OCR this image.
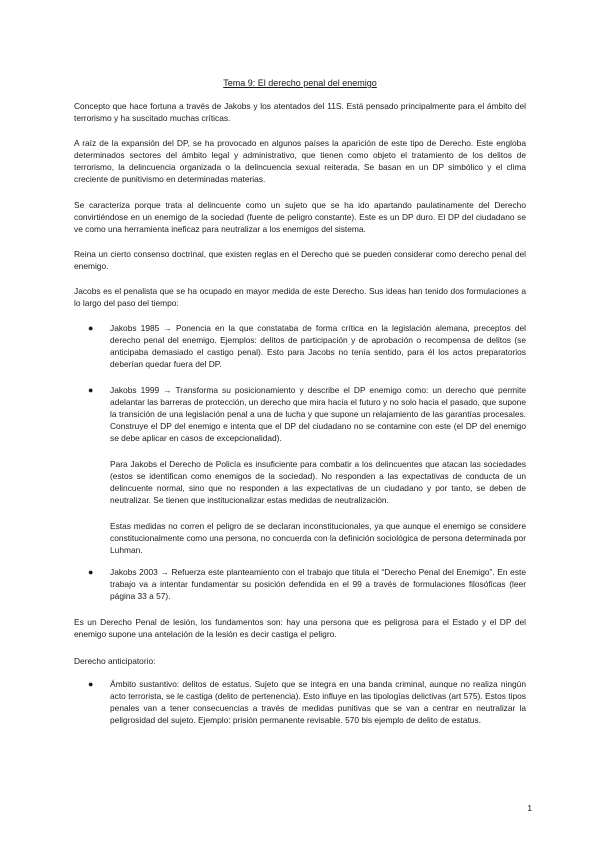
Tema 9: El derecho penal del enemigo

Concepto que hace fortuna a través de Jakobs y los atentados del 11S. Está pensado principalmente para el ámbito del terrorismo y ha suscitado muchas críticas.

A raíz de la expansión del DP, se ha provocado en algunos países la aparición de este tipo de Derecho. Este engloba determinados sectores del ámbito legal y administrativo, que tienen como objeto el tratamiento de los delitos de terrorismo, la delincuencia organizada o la delincuencia sexual reiterada. Se basan en un DP simbólico y el clima creciente de punitivismo en determinadas materias.

Se caracteriza porque trata al delincuente como un sujeto que se ha ido apartando paulatinamente del Derecho convirtiéndose en un enemigo de la sociedad (fuente de peligro constante). Este es un DP duro. El DP del ciudadano se ve como una herramienta ineficaz para neutralizar a los enemigos del sistema.

Reina un cierto consenso doctrinal, que existen reglas en el Derecho que se pueden considerar como derecho penal del enemigo.

Jacobs es el penalista que se ha ocupado en mayor medida de este Derecho. Sus ideas han tenido dos formulaciones a lo largo del paso del tiempo:

● Jakobs 1985 → Ponencia en la que constataba de forma crítica en la legislación alemana, preceptos del derecho penal del enemigo. Ejemplos: delitos de participación y de aprobación o recompensa de delitos (se anticipaba demasiado el castigo penal). Esto para Jacobs no tenía sentido, para él los actos preparatorios deberían quedar fuera del DP.

● Jakobs 1999 → Transforma su posicionamiento y describe el DP enemigo como: un derecho que permite adelantar las barreras de protección, un derecho que mira hacia el futuro y no solo hacia el pasado, que supone la transición de una legislación penal a una de lucha y que supone un relajamiento de las garantías procesales. Construye el DP del enemigo e intenta que el DP del ciudadano no se contamine con este (el DP del enemigo se debe aplicar en casos de excepcionalidad).

Para Jakobs el Derecho de Policía es insuficiente para combatir a los delincuentes que atacan las sociedades (estos se identifican como enemigos de la sociedad). No responden a las expectativas de conducta de un delincuente normal, sino que no responden a las expectativas de un ciudadano y por tanto, se deben de neutralizar. Se tienen que institucionalizar estas medidas de neutralización.

Estas medidas no corren el peligro de se declaran inconstitucionales, ya que aunque el enemigo se considere constitucionalmente como una persona, no concuerda con la definición sociológica de persona determinada por Luhman.

● Jakobs 2003 → Refuerza este planteamiento con el trabajo que titula el “Derecho Penal del Enemigo”. En este trabajo va a intentar fundamentar su posición defendida en el 99 a través de formulaciones filosóficas (leer página 33 a 57).

Es un Derecho Penal de lesión, los fundamentos son: hay una persona que es peligrosa para el Estado y el DP del enemigo supone una antelación de la lesión es decir castiga el peligro.

Derecho anticipatorio:

● Ámbito sustantivo: delitos de estatus. Sujeto que se integra en una banda criminal, aunque no realiza ningún acto terrorista, se le castiga (delito de pertenencia). Esto influye en las tipologías delictivas (art 575). Estos tipos penales van a tener consecuencias a través de medidas punitivas que se van a centrar en neutralizar la peligrosidad del sujeto. Ejemplo: prisión permanente revisable. 570 bis ejemplo de delito de estatus.

1
